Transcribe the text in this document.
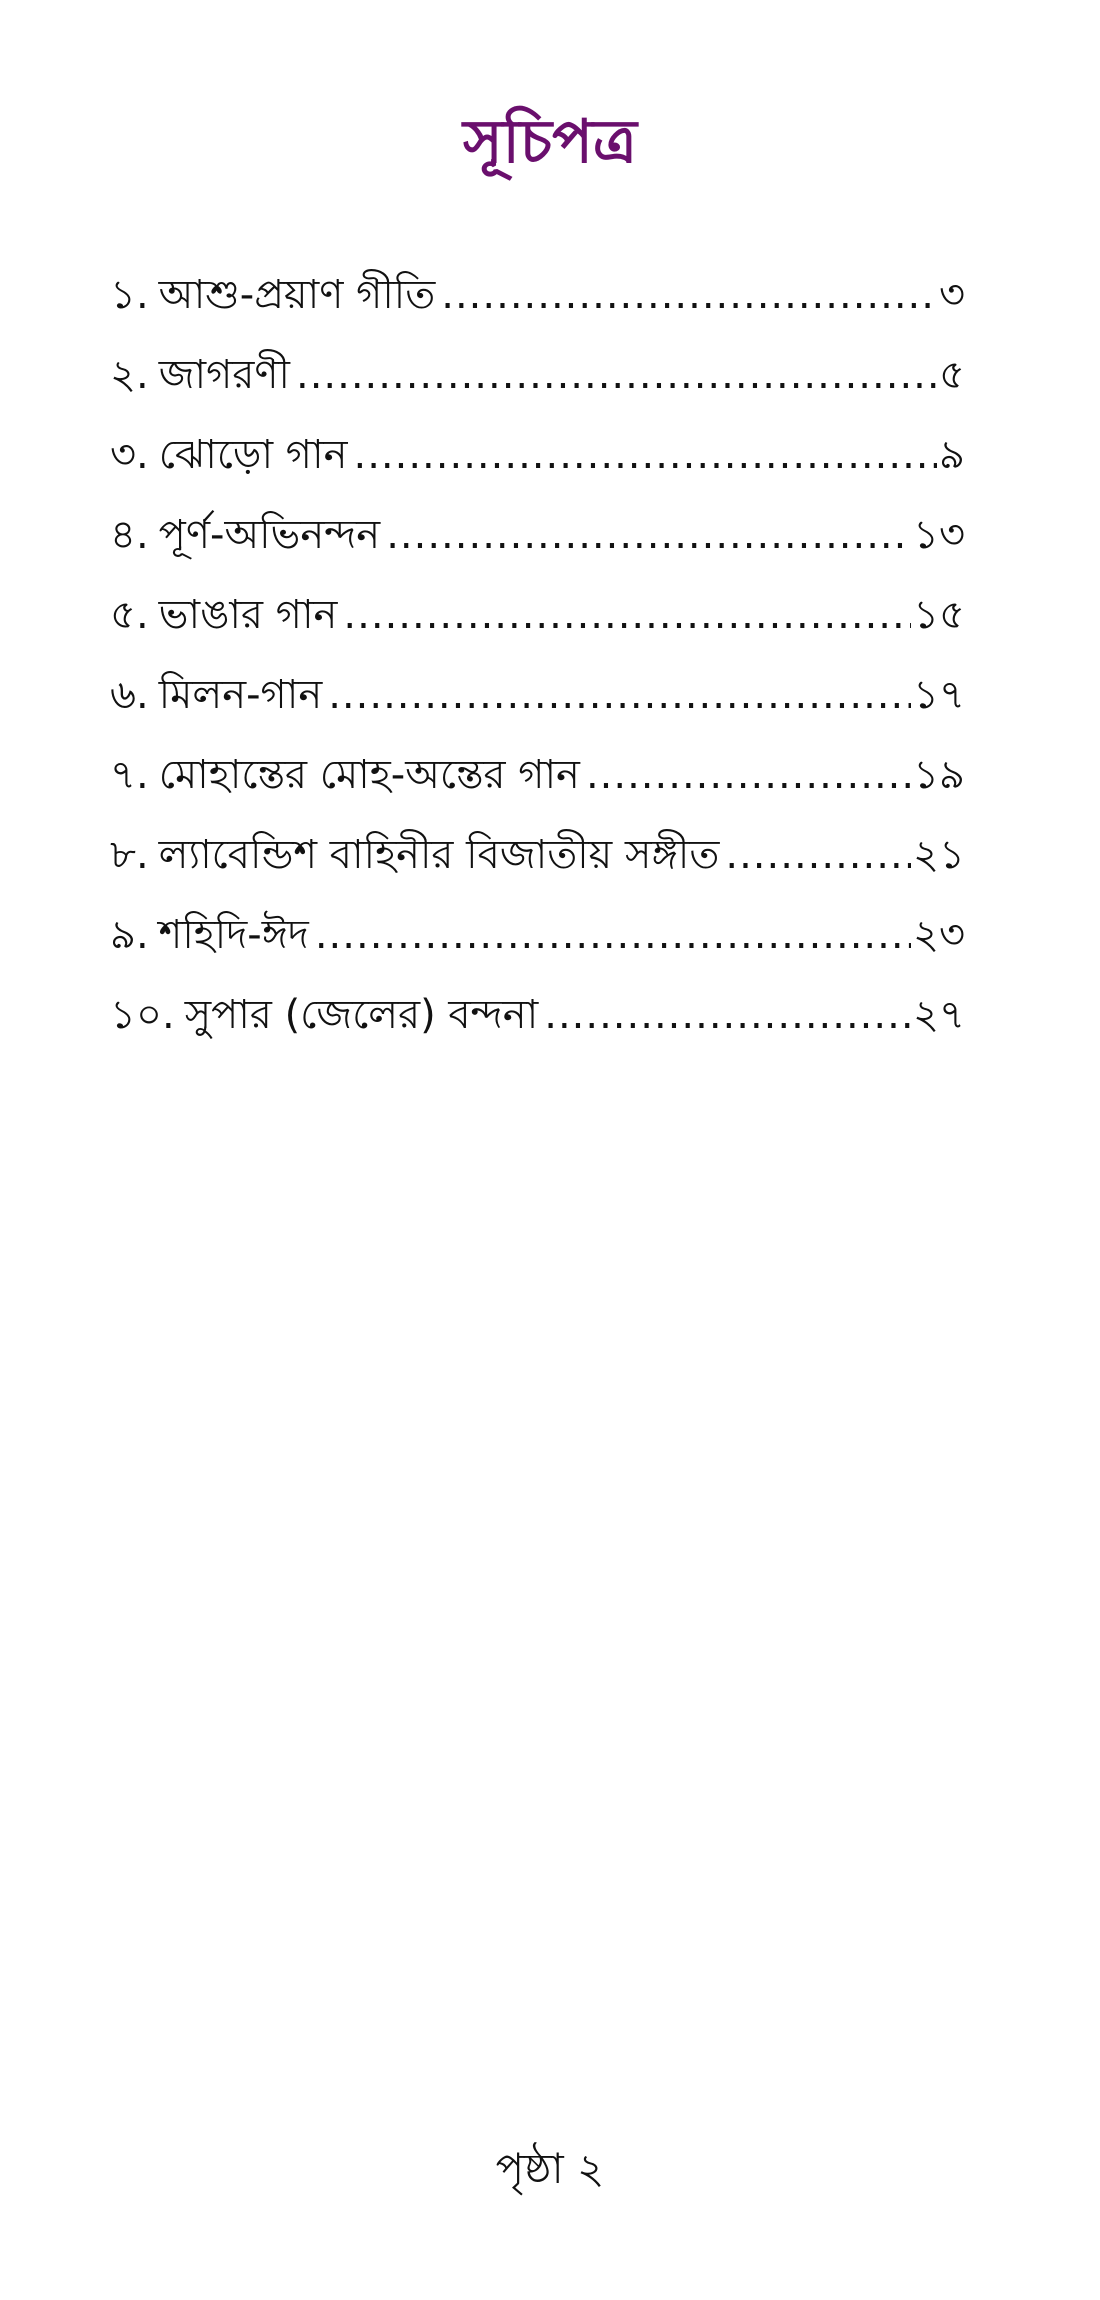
সূচিপত্র
১. আশু-প্রয়াণ গীতি .....	৩
২. জাগরণী .....	৫
৩. ঝোড়ো গান .....	৯
৪. পূর্ণ-অভিনন্দন .....	১৩
৫. ভাঙার গান .....	১৫
৬. মিলন-গান .....	১৭
৭. মোহান্তের মোহ-অন্তের গান .....	১৯
৮. ল্যাবেন্ডিশ বাহিনীর বিজাতীয় সঙ্গীত .....	২১
৯. শহিদি-ঈদ .....	২৩
১০. সুপার (জেলের) বন্দনা .....	২৭
পৃষ্ঠা ২
